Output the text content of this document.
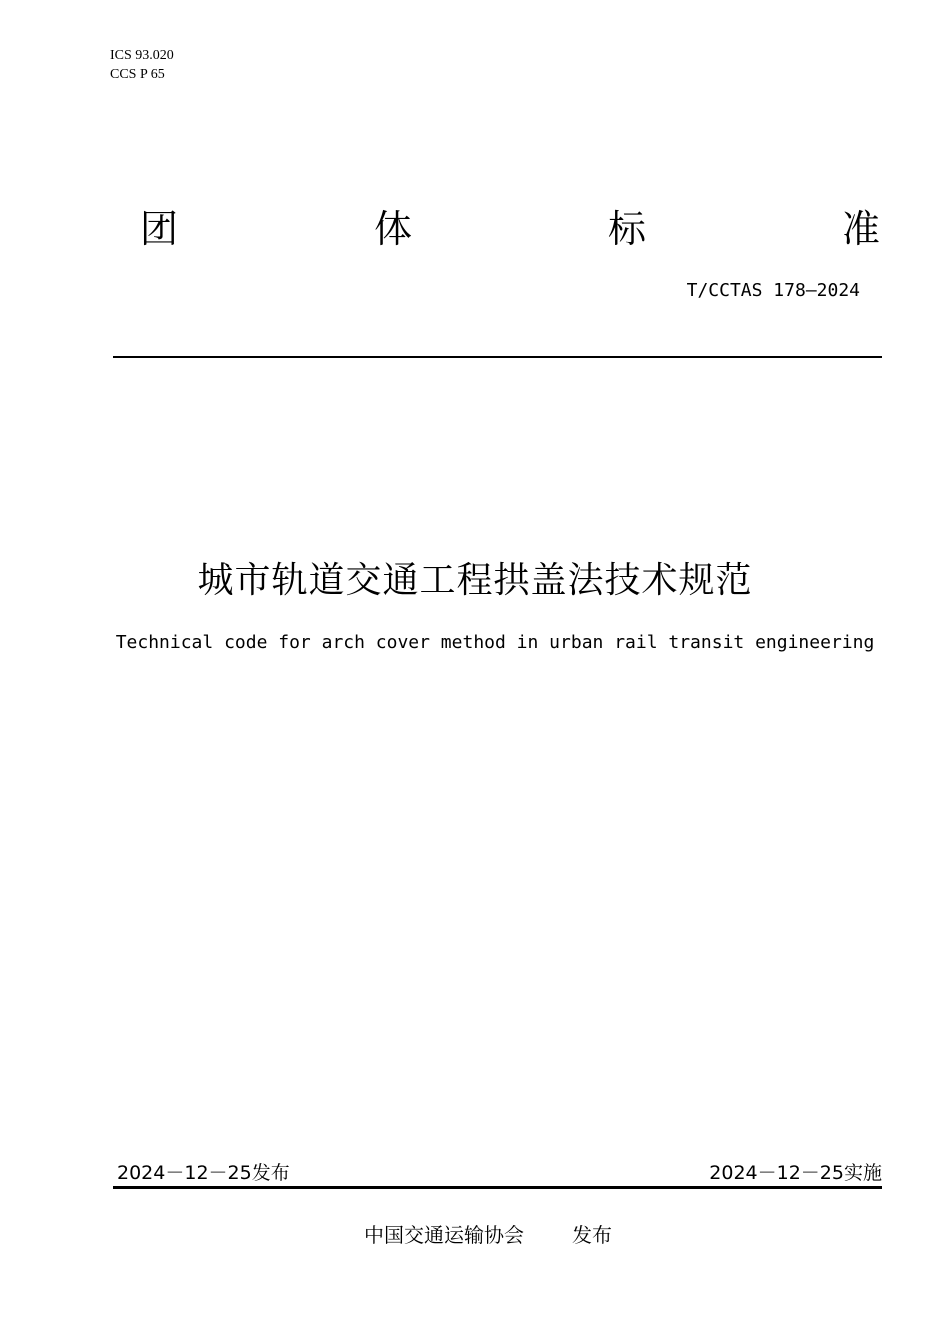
ICS 93.020
CCS P 65
团	体	标	准
T/CCTAS 178—2024
城市轨道交通工程拱盖法技术规范
Technical code for arch cover method in urban rail transit engineering
2024－12－25发布	2024－12－25实施
中国交通运输协会 发布
